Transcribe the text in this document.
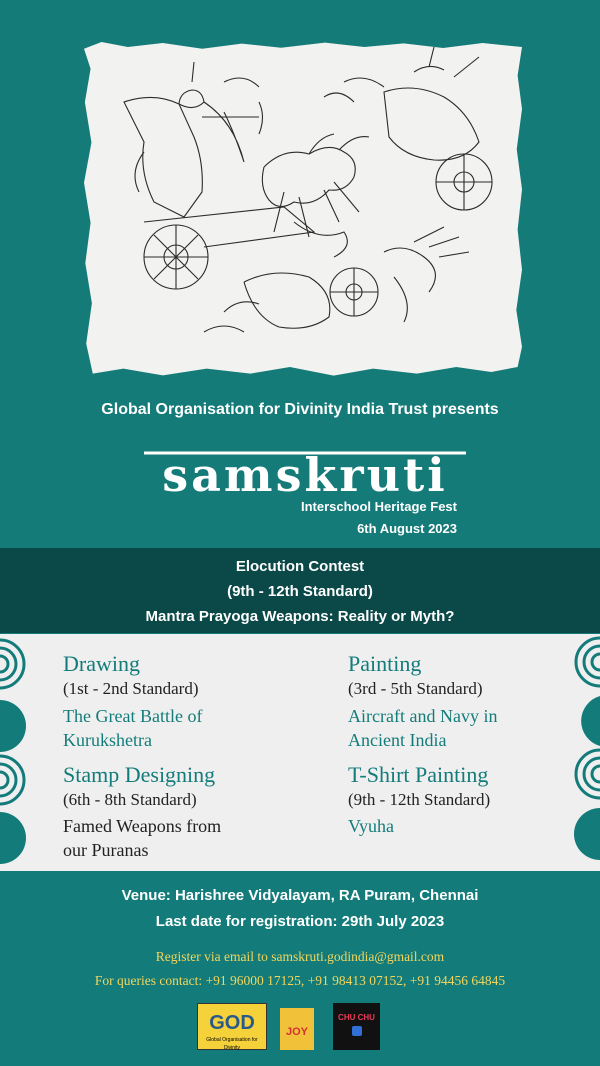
Global Organisation for Divinity India Trust presents
samskruti
Interschool Heritage Fest
6th August 2023
Elocution Contest
(9th - 12th Standard)
Mantra Prayoga Weapons: Reality or Myth?
Drawing
(1st - 2nd Standard)
The Great Battle of
Kurukshetra
Painting
(3rd - 5th Standard)
Aircraft and Navy in
Ancient India
Stamp Designing
(6th - 8th Standard)
Famed Weapons from
our Puranas
T-Shirt Painting
(9th - 12th Standard)
Vyuha
Venue: Harishree Vidyalayam, RA Puram, Chennai
Last date for registration: 29th July 2023
Register via email to samskruti.godindia@gmail.com
For queries contact: +91 96000 17125, +91 98413 07152, +91 94456 64845
GOD
Global Organisation for Divinity
JOY
CHU CHU
